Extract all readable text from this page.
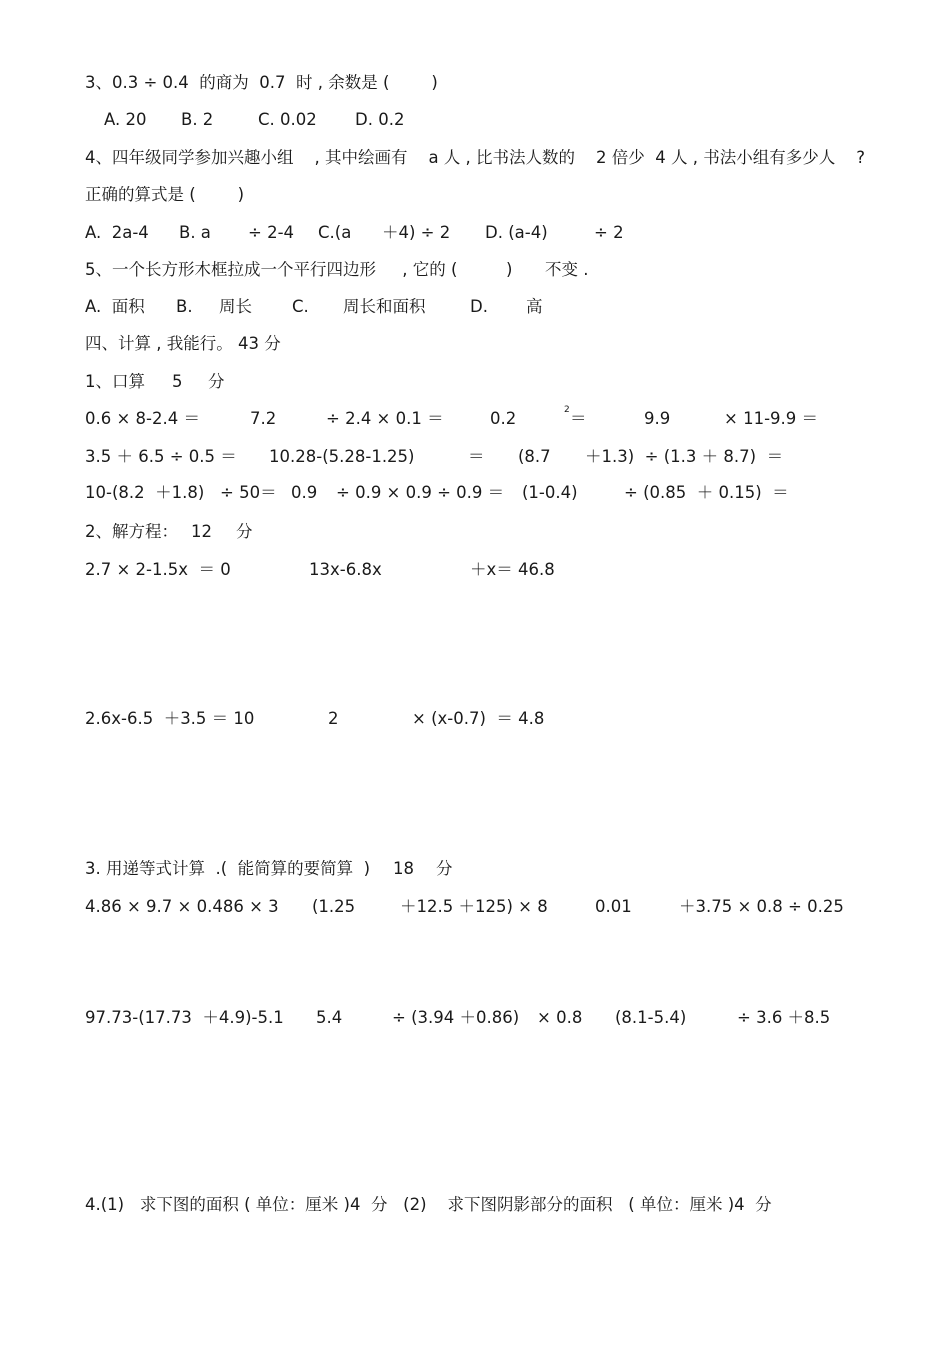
3、0.3 ÷ 0.4  的商为  0.7  时 , 余数是 (        )
A. 20 B. 2	C. 0.02 D. 0.2
4、四年级同学参加兴趣小组    , 其中绘画有    a 人 , 比书法人数的    2 倍少  4 人 , 书法小组有多少人    ?
正确的算式是 (        )
A.  2a-4 B. a ÷ 2-4 C.(a ＋4) ÷ 2 D. (a-4)	÷ 2
5、一个长方形木框拉成一个平行四边形     , 它的 (	) 不变 .
A.  面积 B. 周长 C. 周长和面积	D. 高
四、计算 , 我能行。 43 分
1、口算 5 分
0.6 × 8-2.4 ＝	7.2	÷ 2.4 × 0.1 ＝	0.2	2 ＝	9.9	× 11-9.9 ＝
3.5 ＋ 6.5 ÷ 0.5 ＝ 10.28-(5.28-1.25)	＝ (8.7 ＋1.3)  ÷ (1.3 ＋ 8.7)  ＝
10-(8.2  ＋1.8) ÷ 50＝ 0.9 ÷ 0.9 × 0.9 ÷ 0.9 ＝ (1-0.4)	÷ (0.85  ＋ 0.15)  ＝
2、解方程： 12 分
2.7 × 2-1.5x  ＝ 0	13x-6.8x	＋x＝ 46.8
2.6x-6.5  ＋3.5 ＝ 10	2	× (x-0.7)  ＝ 4.8
3. 用递等式计算  .(  能简算的要简算  ) 18 分
4.86 × 9.7 × 0.486 × 3 (1.25	＋12.5 ＋125) × 8	0.01	＋3.75 × 0.8 ÷ 0.25
97.73-(17.73  ＋4.9)-5.1 5.4	÷ (3.94 ＋0.86) × 0.8 (8.1-5.4)	÷ 3.6 ＋8.5
4.(1)   求下图的面积 ( 单位：厘米 )4  分   (2)    求下图阴影部分的面积   ( 单位：厘米 )4  分
